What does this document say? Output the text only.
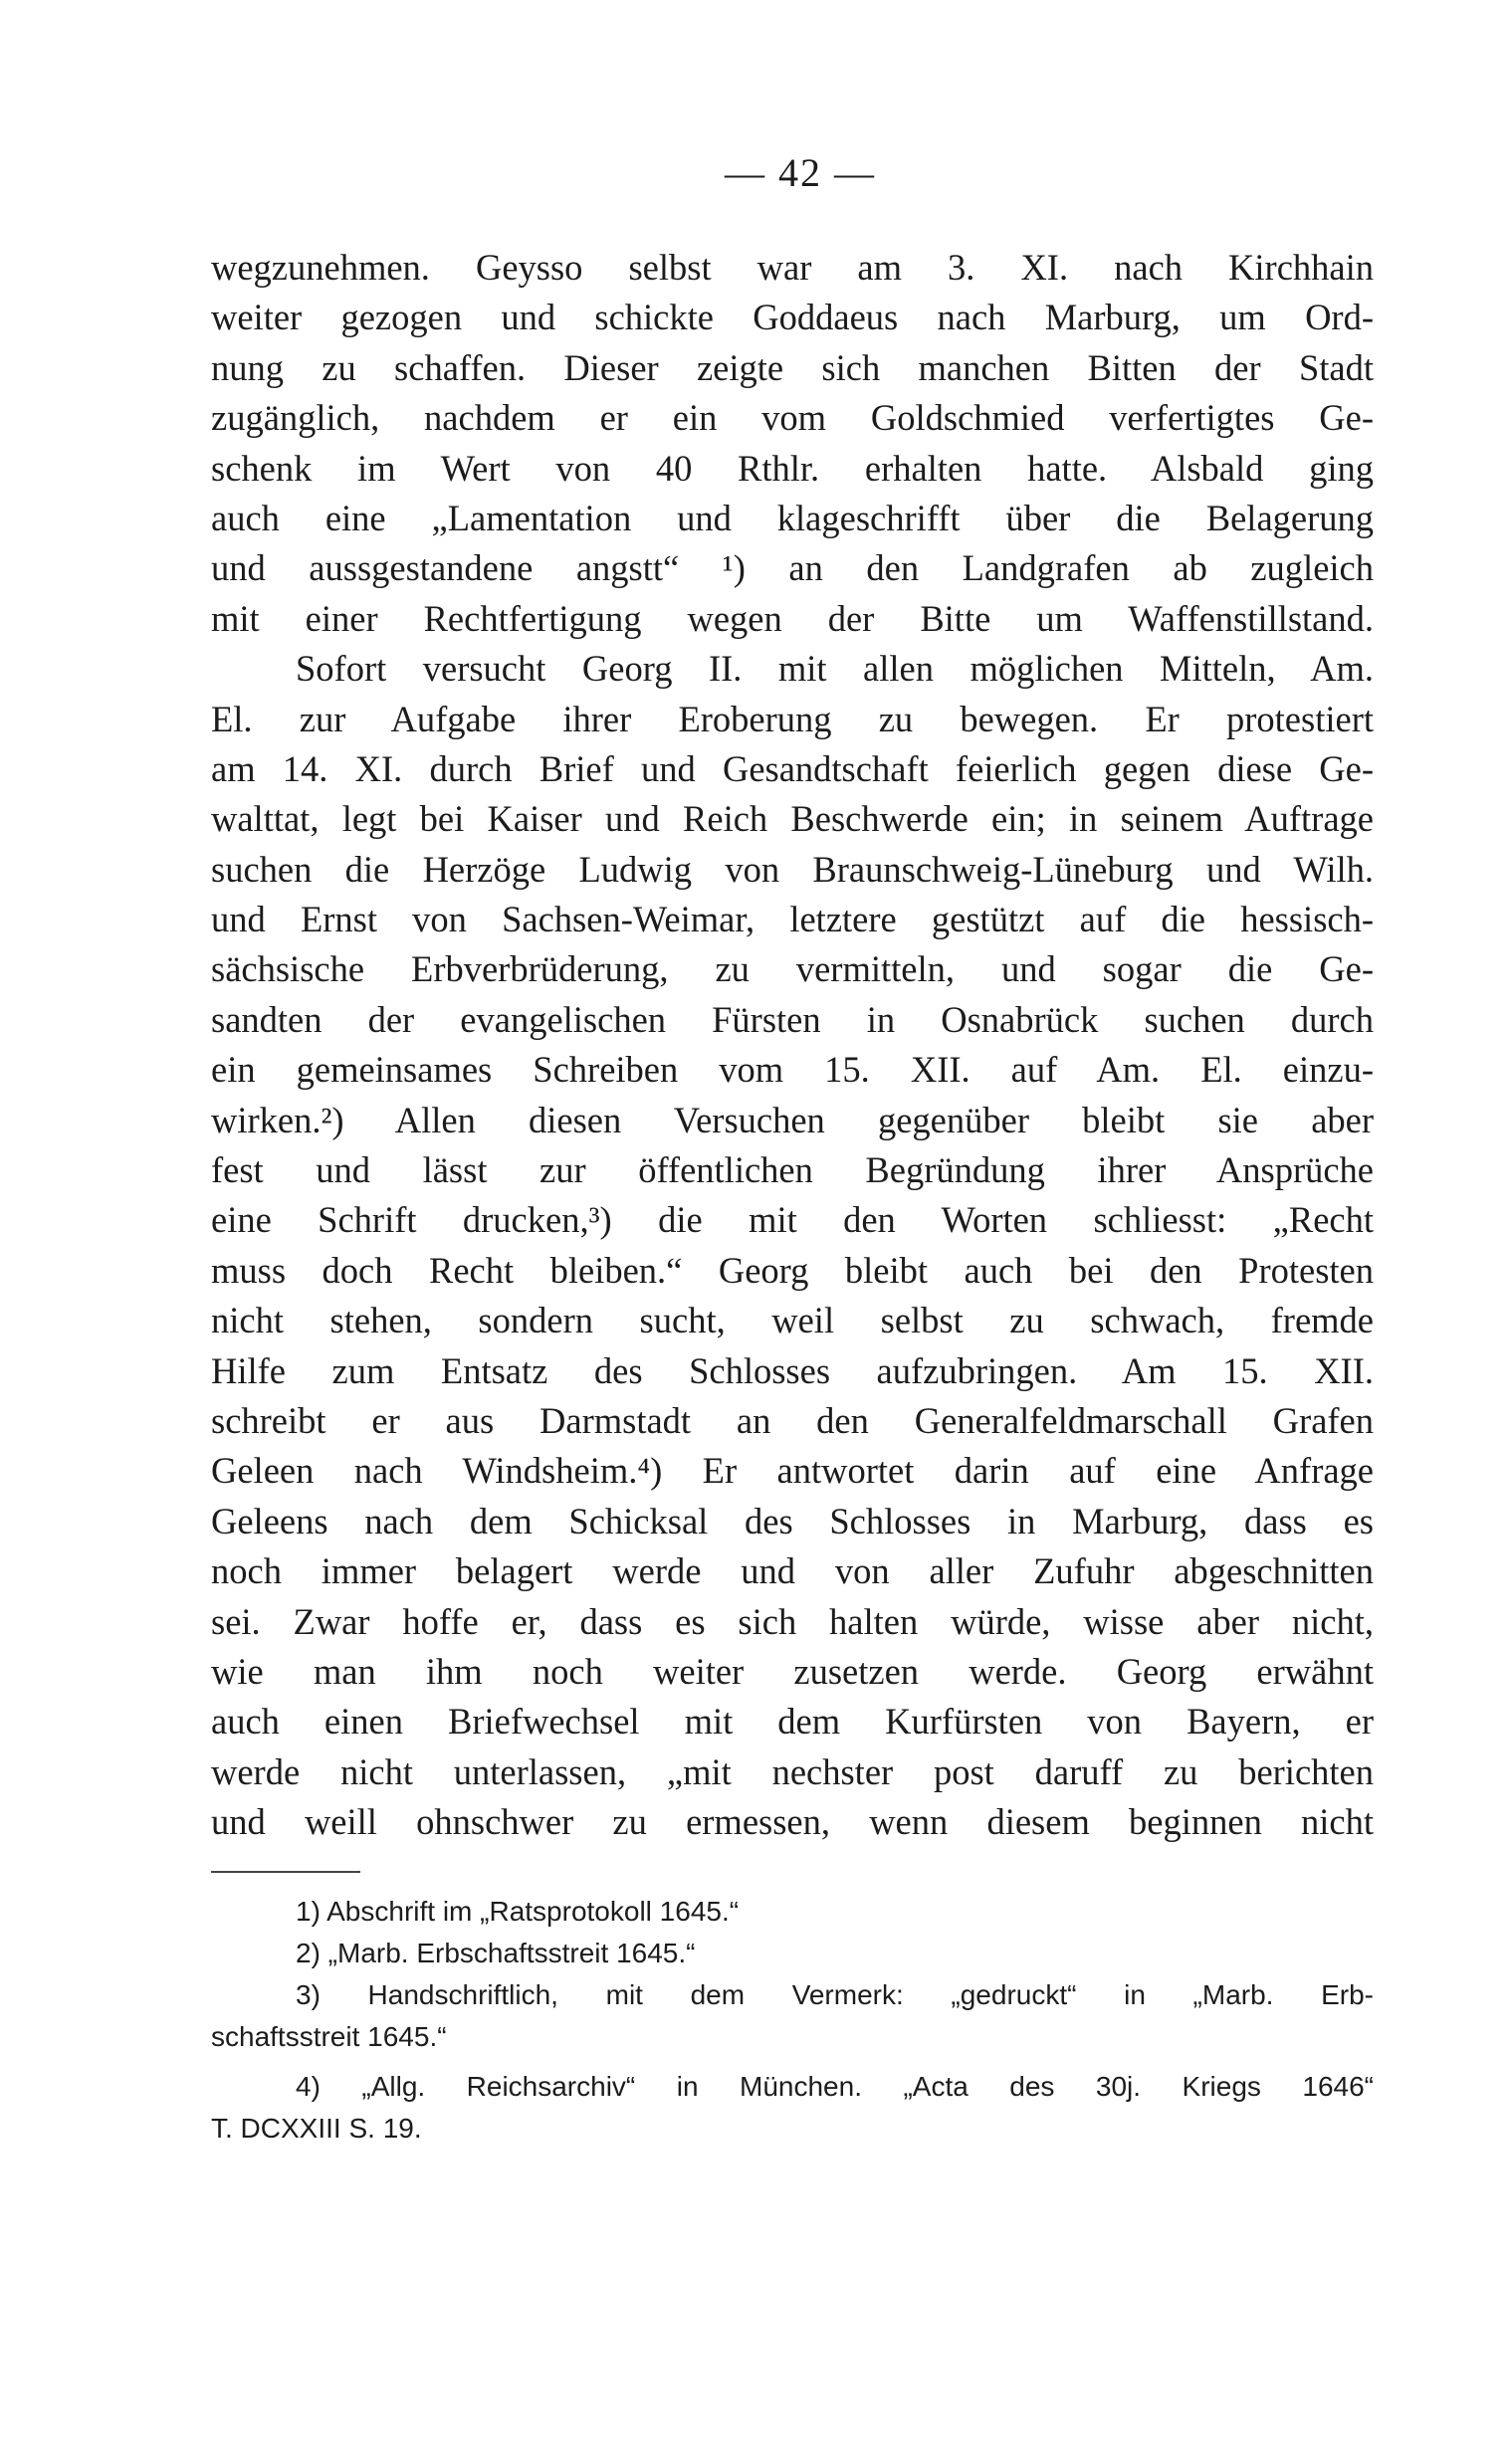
— 42 —
wegzunehmen. Geysso selbst war am 3. XI. nach Kirchhain
weiter gezogen und schickte Goddaeus nach Marburg, um Ord-
nung zu schaffen. Dieser zeigte sich manchen Bitten der Stadt
zugänglich, nachdem er ein vom Goldschmied verfertigtes Ge-
schenk im Wert von 40 Rthlr. erhalten hatte. Alsbald ging
auch eine „Lamentation und klageschrifft über die Belagerung
und aussgestandene angstt“ ¹) an den Landgrafen ab zugleich
mit einer Rechtfertigung wegen der Bitte um Waffenstillstand.
Sofort versucht Georg II. mit allen möglichen Mitteln, Am.
El. zur Aufgabe ihrer Eroberung zu bewegen. Er protestiert
am 14. XI. durch Brief und Gesandtschaft feierlich gegen diese Ge-
walttat, legt bei Kaiser und Reich Beschwerde ein; in seinem Auftrage
suchen die Herzöge Ludwig von Braunschweig-Lüneburg und Wilh.
und Ernst von Sachsen-Weimar, letztere gestützt auf die hessisch-
sächsische Erbverbrüderung, zu vermitteln, und sogar die Ge-
sandten der evangelischen Fürsten in Osnabrück suchen durch
ein gemeinsames Schreiben vom 15. XII. auf Am. El. einzu-
wirken.²) Allen diesen Versuchen gegenüber bleibt sie aber
fest und lässt zur öffentlichen Begründung ihrer Ansprüche
eine Schrift drucken,³) die mit den Worten schliesst: „Recht
muss doch Recht bleiben.“ Georg bleibt auch bei den Protesten
nicht stehen, sondern sucht, weil selbst zu schwach, fremde
Hilfe zum Entsatz des Schlosses aufzubringen. Am 15. XII.
schreibt er aus Darmstadt an den Generalfeldmarschall Grafen
Geleen nach Windsheim.⁴) Er antwortet darin auf eine Anfrage
Geleens nach dem Schicksal des Schlosses in Marburg, dass es
noch immer belagert werde und von aller Zufuhr abgeschnitten
sei. Zwar hoffe er, dass es sich halten würde, wisse aber nicht,
wie man ihm noch weiter zusetzen werde. Georg erwähnt
auch einen Briefwechsel mit dem Kurfürsten von Bayern, er
werde nicht unterlassen, „mit nechster post daruff zu berichten
und weill ohnschwer zu ermessen, wenn diesem beginnen nicht
1) Abschrift im „Ratsprotokoll 1645.“
2) „Marb. Erbschaftsstreit 1645.“
3) Handschriftlich, mit dem Vermerk: „gedruckt“ in „Marb. Erb-
schaftsstreit 1645.“
4) „Allg. Reichsarchiv“ in München. „Acta des 30j. Kriegs 1646“
T. DCXXIII S. 19.
